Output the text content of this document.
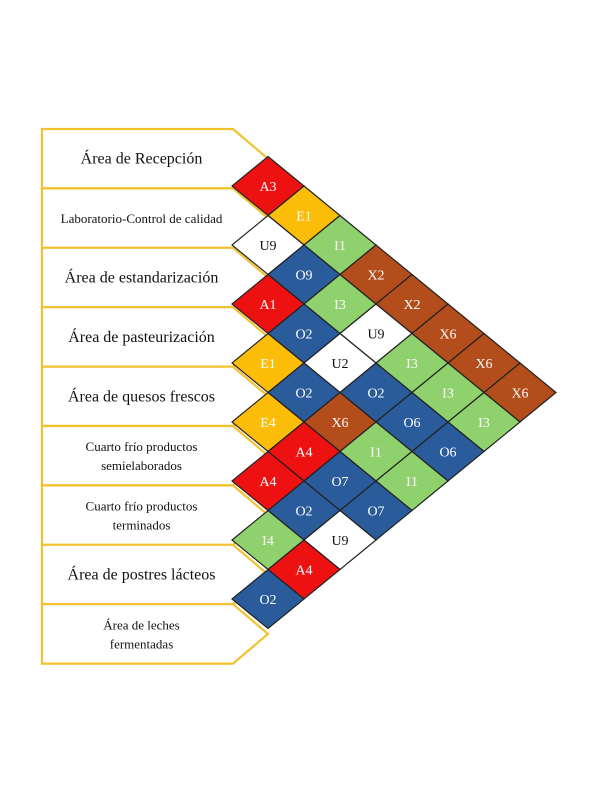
Área de Recepción
Laboratorio-Control de calidad
Área de estandarización
Área de pasteurización
Área de quesos frescos
Cuarto frío productos
semielaborados
Cuarto frío productos
terminados
Área de postres lácteos
Área de leches
fermentadas
A3
E1
I1
X2
X2
X6
X6
X6
U9
O9
I3
U9
I3
I3
I3
A1
O2
U2
O2
O6
O6
E1
O2
X6
I1
I1
E4
A4
O7
O7
A4
O2
U9
I4
A4
O2
